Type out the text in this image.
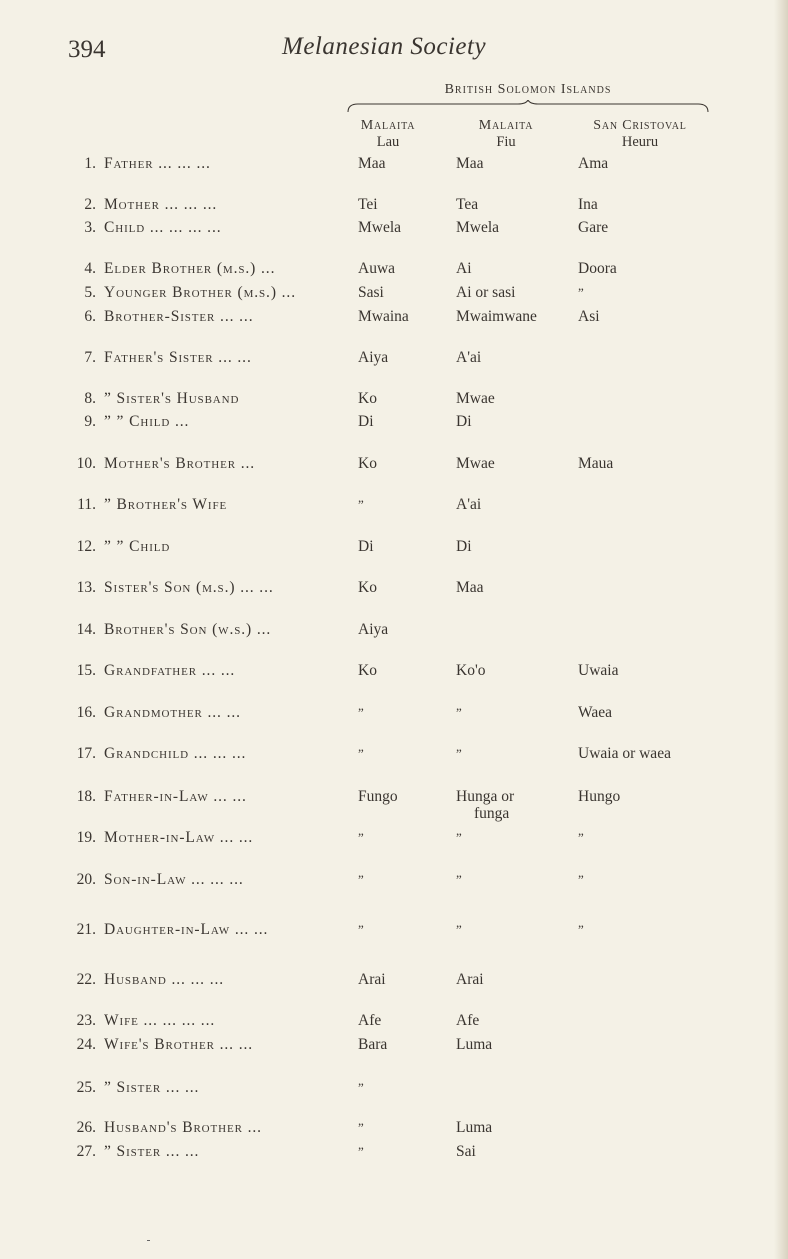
394	Melanesian Society
British Solomon Islands
Malaita
Lau
Malaita
Fiu
San Cristoval
Heuru
1. Father ... ... ...	Maa	Maa	Ama
2. Mother ... ... ...	Tei	Tea	Ina
3. Child ... ... ... ...	Mwela	Mwela	Gare
4. Elder Brother (m.s.) ...	Auwa	Ai	Doora
5. Younger Brother (m.s.) ...	Sasi	Ai or sasi	”
6. Brother-Sister ... ...	Mwaina	Mwaimwane	Asi
7. Father's Sister ... ...	Aiya	A'ai
8. ” Sister's Husband	Ko	Mwae
9. ” ” Child ...	Di	Di
10. Mother's Brother ...	Ko	Mwae	Maua
11. ” Brother's Wife	”	A'ai
12. ” ” Child	Di	Di
13. Sister's Son (m.s.) ... ...	Ko	Maa
14. Brother's Son (w.s.) ...	Aiya
15. Grandfather ... ...	Ko	Ko'o	Uwaia
16. Grandmother ... ...	”	”	Waea
17. Grandchild ... ... ...	”	”	Uwaia or waea
18. Father-in-Law ... ...	Fungo	Hunga or	Hungo
funga
19. Mother-in-Law ... ...	”	”	”
20. Son-in-Law ... ... ...	”	”	”
21. Daughter-in-Law ... ...	”	”	”
22. Husband ... ... ...	Arai	Arai
23. Wife ... ... ... ...	Afe	Afe
24. Wife's Brother ... ...	Bara	Luma
25. ” Sister ... ...	”
26. Husband's Brother ...	”	Luma
27. ” Sister ... ...	”	Sai
